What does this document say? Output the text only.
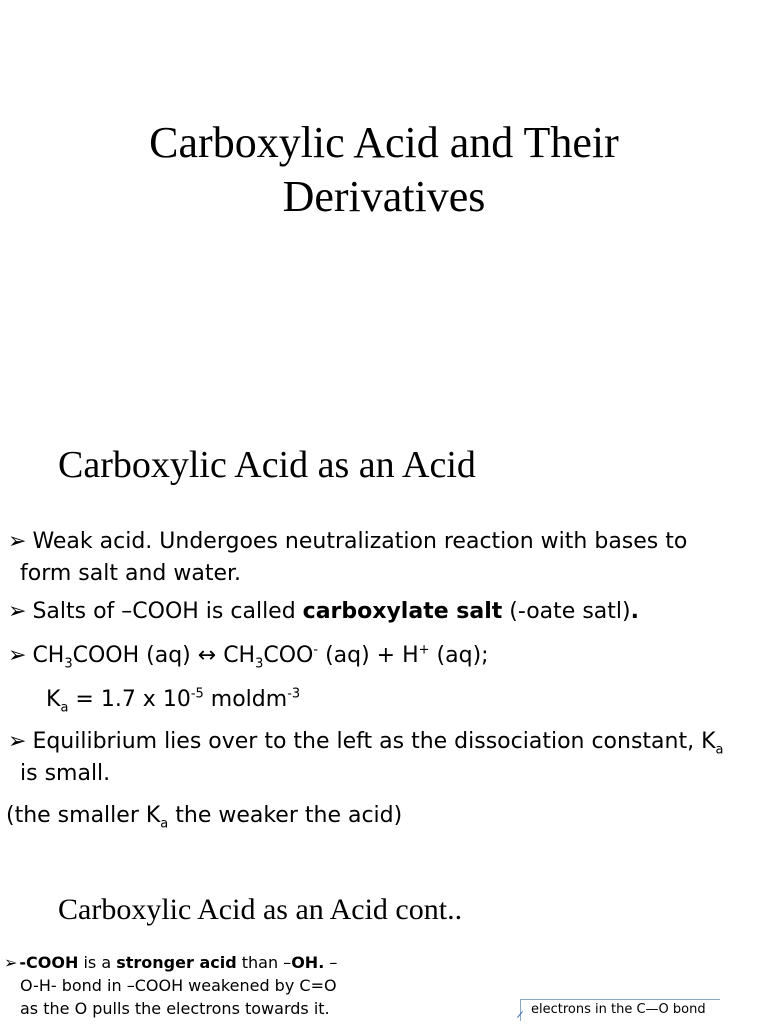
Carboxylic Acid and Their
Derivatives
Carboxylic Acid as an Acid
➢ Weak acid. Undergoes neutralization reaction with bases to
form salt and water.
➢ Salts of –COOH is called carboxylate salt (-oate satl).
➢ $CH_3COOH$ (aq) ↔ $CH_3COO^-$ (aq) + H+ (aq);
$K_a = 1.7$ x $10^{-5}$ moldm$^{-3}$
➢ Equilibrium lies over to the left as the dissociation constant, $K_a$
is small.
(the smaller $K_a$ the weaker the acid)
Carboxylic Acid as an Acid cont..
➢ -COOH is a stronger acid than –OH. –
O-H- bond in –COOH weakened by C=O
as the O pulls the electrons towards it.	electrons in the C—O bond
